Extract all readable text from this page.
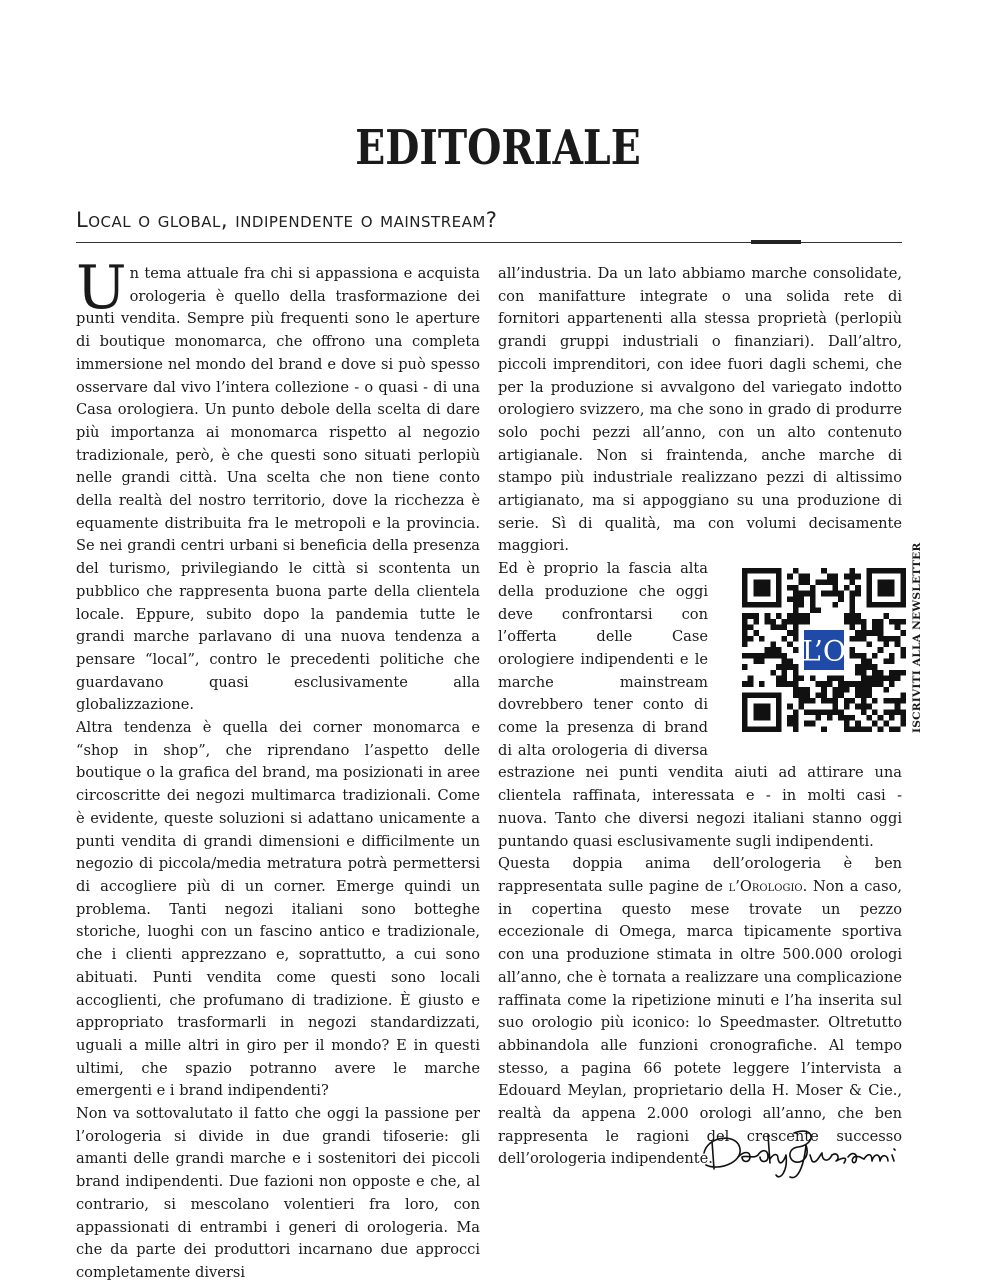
EDITORIALE
Local o global, indipendente o mainstream?

Un tema attuale fra chi si appassiona e acquista orologeria è quello della trasformazione dei punti vendita. Sempre più frequenti sono le aperture di boutique monomarca, che offrono una completa immersione nel mondo del brand e dove si può spesso osservare dal vivo l’intera collezione - o quasi - di una Casa orologiera. Un punto debole della scelta di dare più importanza ai monomarca rispetto al negozio tradizionale, però, è che questi sono situati perlopiù nelle grandi città. Una scelta che non tiene conto della realtà del nostro territorio, dove la ricchezza è equamente distribuita fra le metropoli e la provincia. Se nei grandi centri urbani si beneficia della presenza del turismo, privilegiando le città si scontenta un pubblico che rappresenta buona parte della clientela locale. Eppure, subito dopo la pandemia tutte le grandi marche parlavano di una nuova tendenza a pensare “local”, contro le precedenti politiche che guardavano quasi esclusivamente alla globalizzazione.

Altra tendenza è quella dei corner monomarca e “shop in shop”, che riprendano l’aspetto delle boutique o la grafica del brand, ma posizionati in aree circoscritte dei negozi multimarca tradizionali. Come è evidente, queste soluzioni si adattano unicamente a punti vendita di grandi dimensioni e difficilmente un negozio di piccola/media metratura potrà permettersi di accogliere più di un corner. Emerge quindi un problema. Tanti negozi italiani sono botteghe storiche, luoghi con un fascino antico e tradizionale, che i clienti apprezzano e, soprattutto, a cui sono abituati. Punti vendita come questi sono locali accoglienti, che profumano di tradizione. È giusto e appropriato trasformarli in negozi standardizzati, uguali a mille altri in giro per il mondo? E in questi ultimi, che spazio potranno avere le marche emergenti e i brand indipendenti?

Non va sottovalutato il fatto che oggi la passione per l’orologeria si divide in due grandi tifoserie: gli amanti delle grandi marche e i sostenitori dei piccoli brand indipendenti. Due fazioni non opposte e che, al contrario, si mescolano volentieri fra loro, con appassionati di entrambi i generi di orologeria. Ma che da parte dei produttori incarnano due approcci completamente diversi

all’industria. Da un lato abbiamo marche consolidate, con manifatture integrate o una solida rete di fornitori appartenenti alla stessa proprietà (perlopiù grandi gruppi industriali o finanziari). Dall’altro, piccoli imprenditori, con idee fuori dagli schemi, che per la produzione si avvalgono del variegato indotto orologiero svizzero, ma che sono in grado di produrre solo pochi pezzi all’anno, con un alto contenuto artigianale. Non si fraintenda, anche marche di stampo più industriale realizzano pezzi di altissimo artigianato, ma si appoggiano su una produzione di serie. Sì di qualità, ma con volumi decisamente maggiori.

L’O	ISCRIVITI ALLA NEWSLETTER

Ed è proprio la fascia alta della produzione che oggi deve confrontarsi con l’offerta delle Case orologiere indipendenti e le marche mainstream dovrebbero tener conto di come la presenza di brand di alta orologeria di diversa estrazione nei punti vendita aiuti ad attirare una clientela raffinata, interessata e - in molti casi - nuova. Tanto che diversi negozi italiani stanno oggi puntando quasi esclusivamente sugli indipendenti.

Questa doppia anima dell’orologeria è ben rappresentata sulle pagine de l’Orologio. Non a caso, in copertina questo mese trovate un pezzo eccezionale di Omega, marca tipicamente sportiva con una produzione stimata in oltre 500.000 orologi all’anno, che è tornata a realizzare una complicazione raffinata come la ripetizione minuti e l’ha inserita sul suo orologio più iconico: lo Speedmaster. Oltretutto abbinandola alle funzioni cronografiche. Al tempo stesso, a pagina 66 potete leggere l’intervista a Edouard Meylan, proprietario della H. Moser & Cie., realtà da appena 2.000 orologi all’anno, che ben rappresenta le ragioni del crescente successo dell’orologeria indipendente.
